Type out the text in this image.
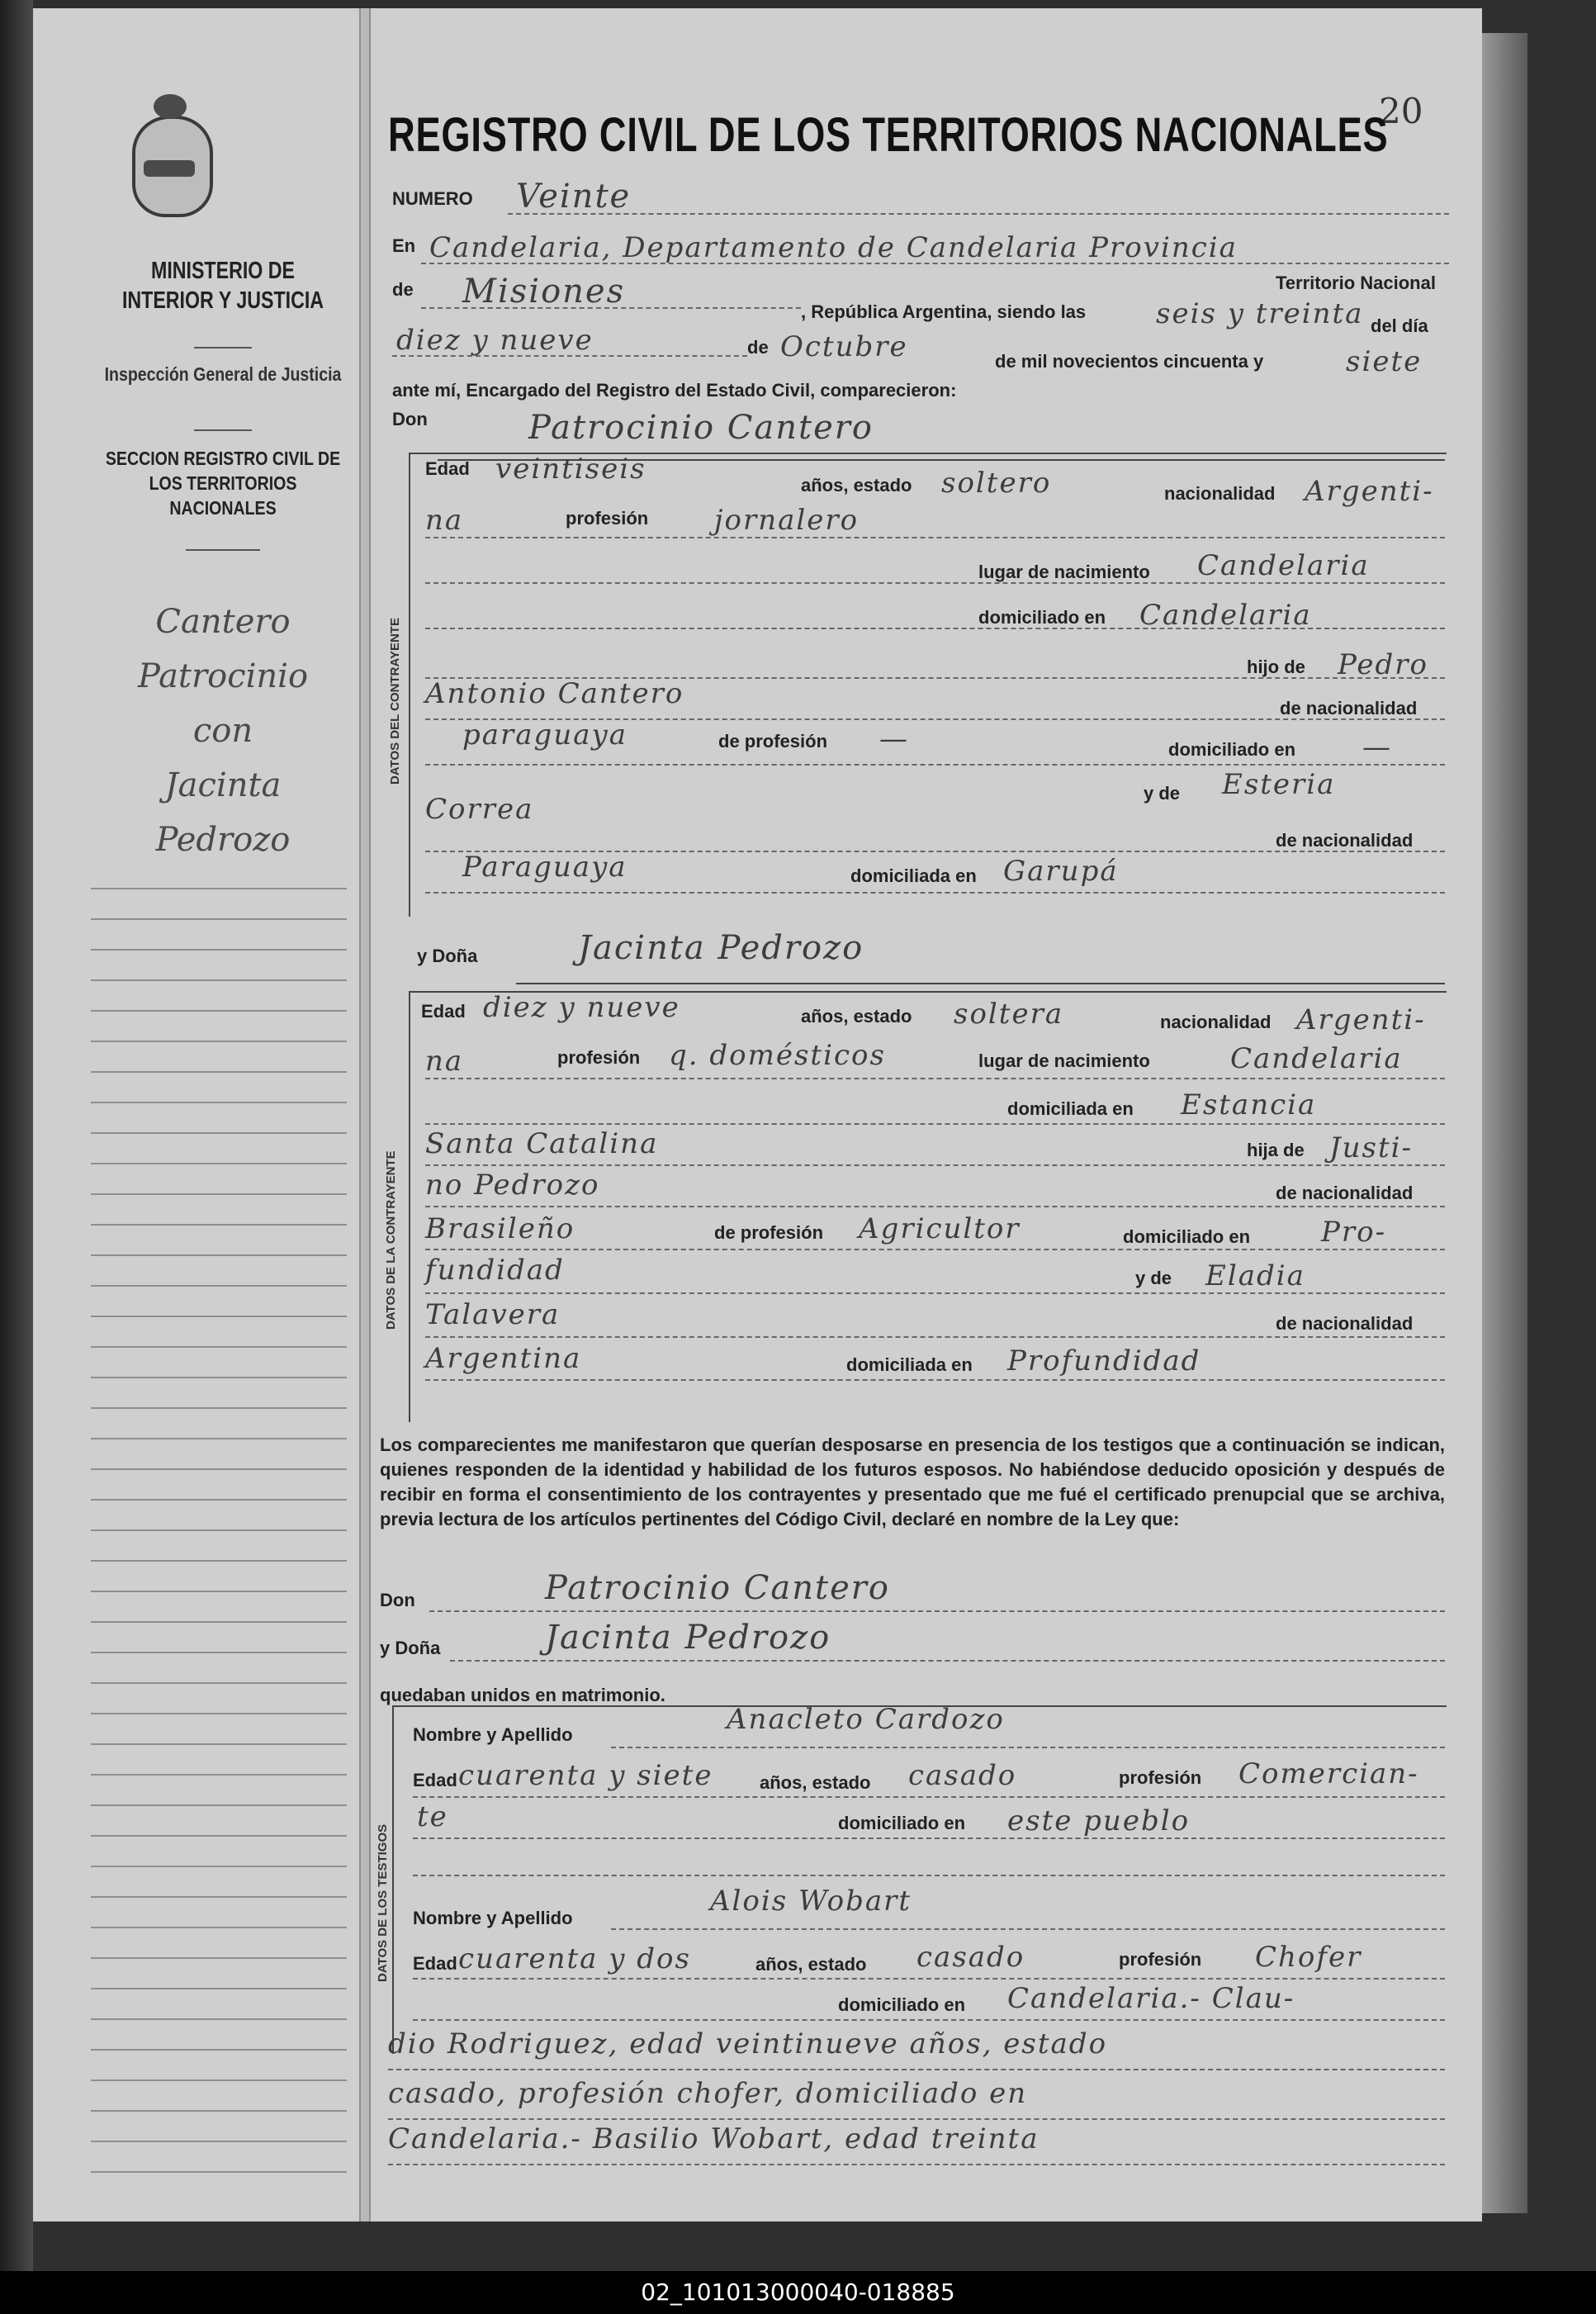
MINISTERIO DE INTERIOR Y JUSTICIA
Inspección General de Justicia
SECCION REGISTRO CIVIL DE LOS TERRITORIOS NACIONALES
Cantero
Patrocinio
con
Jacinta
Pedrozo
20
REGISTRO CIVIL DE LOS TERRITORIOS NACIONALES
NUMERO Veinte
En Candelaria, Departamento de Candelaria Provincia
Territorio Nacional
de Misiones
, República Argentina, siendo las seis y treinta del día
diez y nueve	de Octubre	de mil novecientos cincuenta y	siete
ante mí, Encargado del Registro del Estado Civil, comparecieron:
Don	Patrocinio Cantero
DATOS DEL CONTRAYENTE
Edad veintiseis	años, estado soltero	nacionalidad Argenti-
na	profesión jornalero
lugar de nacimiento Candelaria
domiciliado en Candelaria
hijo de Pedro
Antonio Cantero	de nacionalidad
paraguaya	de profesión —	domiciliado en —
y de Esteria
Correa
de nacionalidad
Paraguaya	domiciliada en Garupá
y Doña	Jacinta Pedrozo
DATOS DE LA CONTRAYENTE
Edad diez y nueve	años, estado soltera	nacionalidad Argenti-
na	profesión q. domésticos	lugar de nacimiento	Candelaria
domiciliada en Estancia
Santa Catalina	hija de Justi-
no Pedrozo	de nacionalidad
Brasileño	de profesión Agricultor	domiciliado en	Pro-
fundidad	y de Eladia
Talavera	de nacionalidad
Argentina	domiciliada en Profundidad
Los comparecientes me manifestaron que querían desposarse en presencia de los testigos que a continuación se indican, quienes responden de la identidad y habilidad de los futuros esposos. No habiéndose deducido oposición y después de recibir en forma el consentimiento de los contrayentes y presentado que me fué el certificado prenupcial que se archiva, previa lectura de los artículos pertinentes del Código Civil, declaré en nombre de la Ley que:
Don	Patrocinio Cantero
y Doña	Jacinta Pedrozo
quedaban unidos en matrimonio.
DATOS DE LOS TESTIGOS
Nombre y Apellido	Anacleto Cardozo
Edad cuarenta y siete	años, estado casado	profesión Comercian-
te	domiciliado en este pueblo
Nombre y Apellido
Alois Wobart
Edad cuarenta y dos	años, estado casado	profesión Chofer
domiciliado en Candelaria.- Clau-
dio Rodriguez, edad veintinueve años, estado
casado, profesión chofer, domiciliado en
Candelaria.- Basilio Wobart, edad treinta
02_101013000040-018885
